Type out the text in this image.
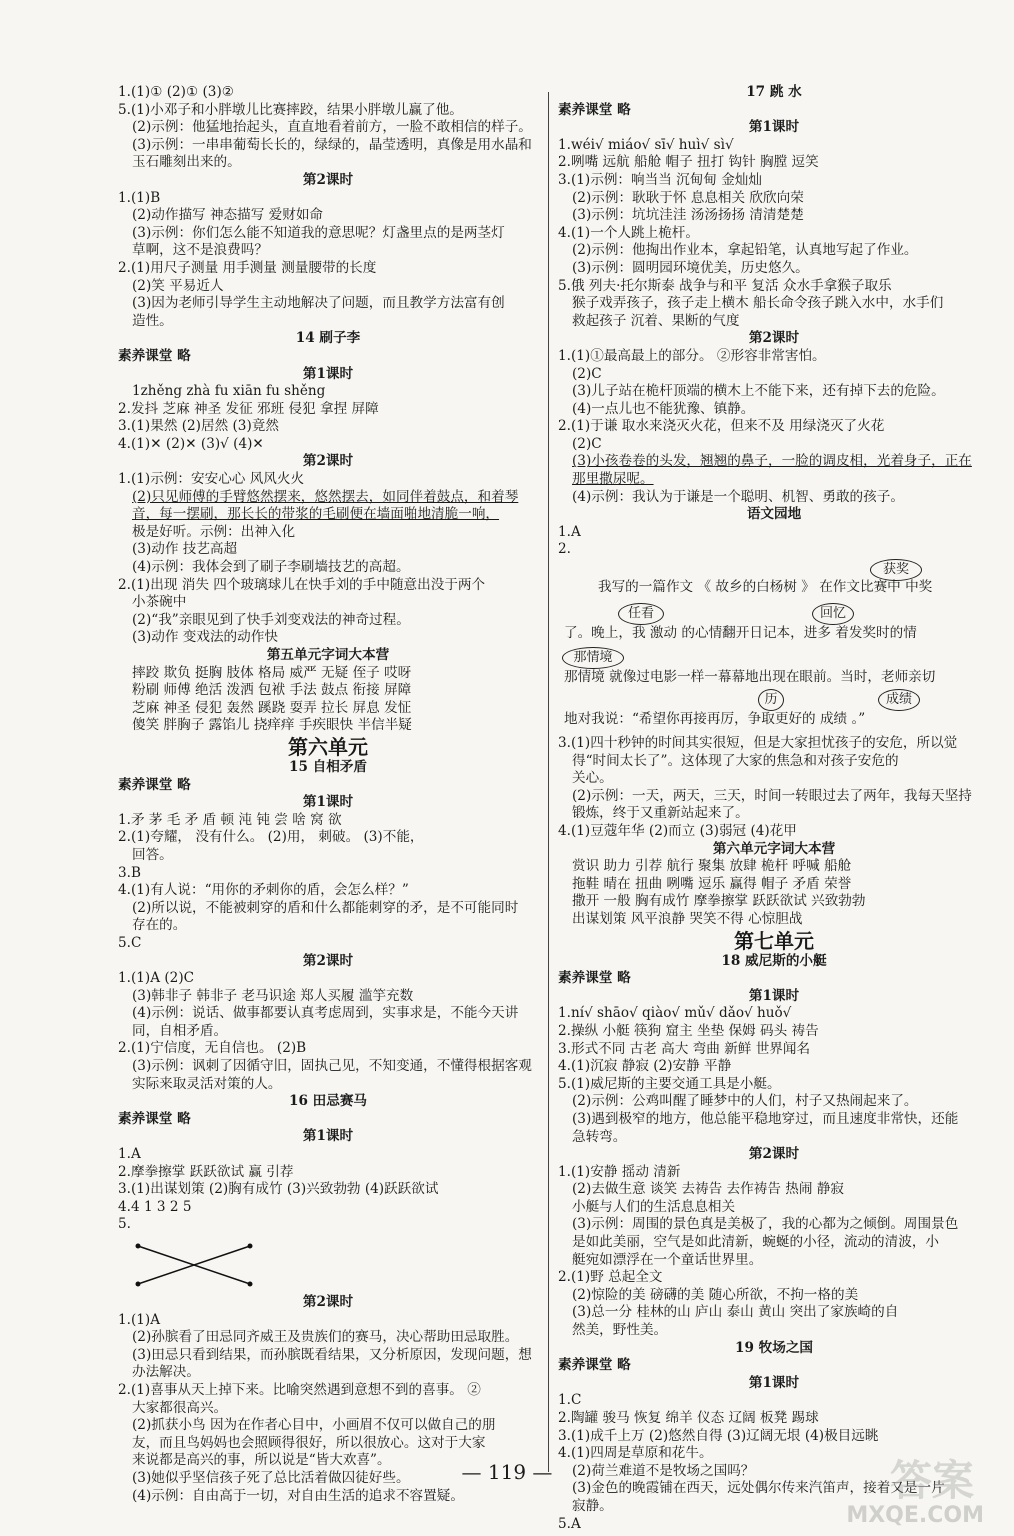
1.(1)① (2)① (3)②
5.(1)小邓子和小胖墩儿比赛摔跤，结果小胖墩儿赢了他。
(2)示例：他猛地抬起头，直直地看着前方，一脸不敢相信的样子。
(3)示例：一串串葡萄长长的，绿绿的，晶莹透明，真像是用水晶和
玉石雕刻出来的。
第2课时
1.(1)B
(2)动作描写 神态描写 爱财如命
(3)示例：你们怎么能不知道我的意思呢？灯盏里点的是两茎灯
草啊，这不是浪费吗？
2.(1)用尺子测量 用手测量 测量腰带的长度
(2)笑 平易近人
(3)因为老师引导学生主动地解决了问题，而且教学方法富有创
造性。
14 刷子李
素养课堂 略
第1课时
1zhěng zhà fu xiān fu shěng
2.发抖 芝麻 神圣 发征 邪班 侵犯 拿捏 屏障
3.(1)果然 (2)居然 (3)竟然
4.(1)✕ (2)✕ (3)√ (4)✕
第2课时
1.(1)示例：安安心心 风风火火
(2)只见师傅的手臂悠然摆来，悠然摆去，如同伴着鼓点，和着琴
音，每一摆刷，那长长的带浆的毛刷便在墙面啪地清脆一响，
极是好听。示例：出神入化
(3)动作 技艺高超
(4)示例：我体会到了刷子李刷墙技艺的高超。
2.(1)出现 消失 四个玻璃球儿在快手刘的手中随意出没于两个
小茶碗中
(2)“我”亲眼见到了快手刘变戏法的神奇过程。
(3)动作 变戏法的动作快
第五单元字词大本营
摔跤 欺负 挺胸 肢体 格局 威严 无疑 侄子 哎呀
粉刷 师傅 绝活 泼洒 包袱 手法 鼓点 衔接 屏障
芝麻 神圣 侵犯 轰然 蹊跷 耍弄 拉长 屏息 发怔
傻笑 胖胸子 露馅儿 挠痒痒 手疾眼快 半信半疑
第六单元
15 自相矛盾
素养课堂 略
第1课时
1.矛 茅 毛 矛 盾 顿 沌 钝 尝 啥 窝 欲
2.(1)夸耀， 没有什么。 (2)用， 刺破。 (3)不能，
回答。
3.B
4.(1)有人说：“用你的矛刺你的盾，会怎么样？”
(2)所以说，不能被刺穿的盾和什么都能刺穿的矛，是不可能同时
存在的。
5.C
第2课时
1.(1)A (2)C
(3)韩非子 韩非子 老马识途 郑人买履 滥竽充数
(4)示例：说话、做事都要认真考虑周到，实事求是，不能今天讲
同，自相矛盾。
2.(1)宁信度，无自信也。 (2)B
(3)示例：讽刺了因循守旧，固执己见，不知变通，不懂得根据客观
实际来取灵活对策的人。
16 田忌赛马
素养课堂 略
第1课时
1.A
2.摩拳擦掌 跃跃欲试 赢 引荐
3.(1)出谋划策 (2)胸有成竹 (3)兴致勃勃 (4)跃跃欲试
4.4 1 3 2 5
5.
第2课时
1.(1)A
(2)孙膑看了田忌同齐威王及贵族们的赛马，决心帮助田忌取胜。
(3)田忌只看到结果，而孙膑既看结果，又分析原因，发现问题，想
办法解决。
2.(1)喜事从天上掉下来。比喻突然遇到意想不到的喜事。 ②
大家都很高兴。
(2)抓获小鸟 因为在作者心目中，小画眉不仅可以做自己的朋
友，而且鸟妈妈也会照顾得很好，所以很放心。这对于大家
来说都是高兴的事，所以说是“皆大欢喜”。
(3)她似乎坚信孩子死了总比活着做囚徒好些。
(4)示例：自由高于一切，对自由生活的追求不容置疑。
17 跳 水
素养课堂 略
第1课时
1.wéi√ miáo√ sī√ huì√ sì√
2.咧嘴 远航 船舱 帽子 扭打 钩针 胸膛 逗笑
3.(1)示例：响当当 沉甸甸 金灿灿
(2)示例：耿耿于怀 息息相关 欣欣向荣
(3)示例：坑坑洼洼 汤汤扬扬 清清楚楚
4.(1)一个人跳上桅杆。
(2)示例：他掏出作业本，拿起铅笔，认真地写起了作业。
(3)示例：圆明园环境优美，历史悠久。
5.俄 列夫·托尔斯泰 战争与和平 复活 众水手拿猴子取乐
猴子戏弄孩子，孩子走上横木 船长命令孩子跳入水中，水手们
救起孩子 沉着、果断的气度
第2课时
1.(1)①最高最上的部分。 ②形容非常害怕。
(2)C
(3)儿子站在桅杆顶端的横木上不能下来，还有掉下去的危险。
(4)一点儿也不能犹豫、镇静。
2.(1)于谦 取水来浇灭火花，但来不及 用绿浇灭了火花
(2)C
(3)小孩卷卷的头发，翘翘的鼻子，一脸的调皮相，光着身子，正在
那里撒尿呢。
(4)示例：我认为于谦是一个聪明、机智、勇敢的孩子。
语文园地
1.A
2.
我写的一篇作文 《 故乡的白杨树 》 在作文比赛中 中奖
了。晚上，我 激动 的心情翻开日记本，进多 着发奖时的情
那情境 就像过电影一样一幕幕地出现在眼前。当时，老师亲切
地对我说：“希望你再接再厉，争取更好的 成绩 。”
获奖
任看	回忆
那情境
历	成绩
3.(1)四十秒钟的时间其实很短，但是大家担忧孩子的安危，所以觉
得“时间太长了”。这体现了大家的焦急和对孩子安危的
关心。
(2)示例：一天，两天，三天，时间一转眼过去了两年，我每天坚持
锻炼，终于又重新站起来了。
4.(1)豆蔻年华 (2)而立 (3)弱冠 (4)花甲
第六单元字词大本营
赏识 助力 引荐 航行 聚集 放肆 桅杆 呼喊 船舱
拖鞋 晴在 扭曲 咧嘴 逗乐 赢得 帽子 矛盾 荣誉
撒开 一般 胸有成竹 摩拳擦掌 跃跃欲试 兴致勃勃
出谋划策 风平浪静 哭笑不得 心惊胆战
第七单元
18 威尼斯的小艇
素养课堂 略
第1课时
1.ní√ shāo√ qiào√ mǔ√ dǎo√ huǒ√
2.操纵 小艇 筷狗 窟主 坐垫 保姆 码头 祷告
3.形式不同 古老 高大 弯曲 新鲜 世界闻名
4.(1)沉寂 静寂 (2)安静 平静
5.(1)威尼斯的主要交通工具是小艇。
(2)示例：公鸡叫醒了睡梦中的人们，村子又热闹起来了。
(3)遇到极窄的地方，他总能平稳地穿过，而且速度非常快，还能
急转弯。
第2课时
1.(1)安静 摇动 清新
(2)去做生意 谈笑 去祷告 去作祷告 热闹 静寂
小艇与人们的生活息息相关
(3)示例：周围的景色真是美极了，我的心都为之倾倒。周围景色
是如此美丽，空气是如此清新，蜿蜒的小径，流动的清波，小
艇宛如漂浮在一个童话世界里。
2.(1)野 总起全文
(2)惊险的美 磅礴的美 随心所欲，不拘一格的美
(3)总一分 桂林的山 庐山 泰山 黄山 突出了家族崎的自
然美，野性美。
19 牧场之国
素养课堂 略
第1课时
1.C
2.陶罐 骏马 恢复 绵羊 仪态 辽阔 板凳 踢球
3.(1)成千上万 (2)悠然自得 (3)辽阔无垠 (4)极目远眺
4.(1)四周是草原和花牛。
(2)荷兰难道不是牧场之国吗？
(3)金色的晚霞铺在西天，远处偶尔传来汽笛声，接着又是一片
寂静。
5.A
— 119 —	答案
MXQE.COM
